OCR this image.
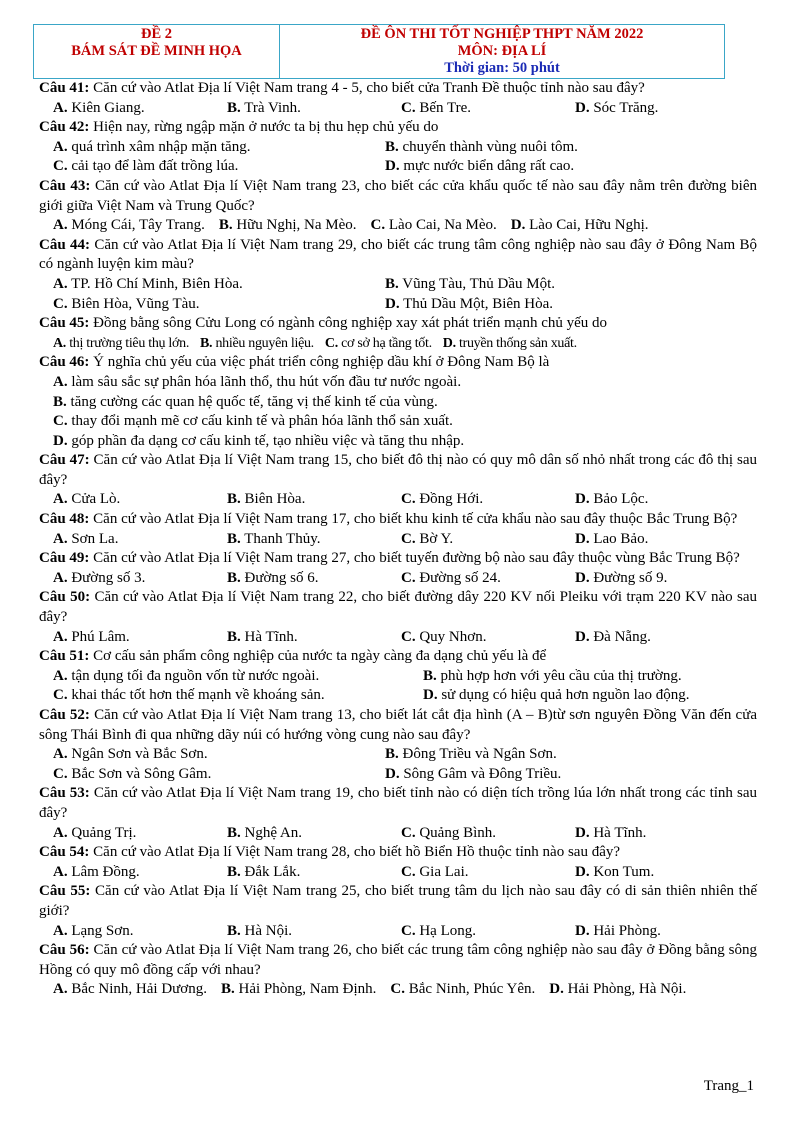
ĐỀ 2
BÁM SÁT ĐỀ MINH HỌA
ĐỀ ÔN THI TỐT NGHIỆP THPT NĂM 2022
MÔN: ĐỊA LÍ
Thời gian: 50 phút
Câu 41: Căn cứ vào Atlat Địa lí Việt Nam trang 4 - 5, cho biết cửa Tranh Đề thuộc tỉnh nào sau đây?
A. Kiên Giang.	B. Trà Vinh.	C. Bến Tre.	D. Sóc Trăng.
Câu 42: Hiện nay, rừng ngập mặn ở nước ta bị thu hẹp chủ yếu do
A. quá trình xâm nhập mặn tăng.	B. chuyển thành vùng nuôi tôm.
C. cải tạo để làm đất trồng lúa.	D. mực nước biển dâng rất cao.
Câu 43: Căn cứ vào Atlat Địa lí Việt Nam trang 23, cho biết các cửa khẩu quốc tế nào sau đây nằm trên đường biên giới giữa Việt Nam và Trung Quốc?
A. Móng Cái, Tây Trang. B. Hữu Nghị, Na Mèo. C. Lào Cai, Na Mèo. D. Lào Cai, Hữu Nghị.
Câu 44: Căn cứ vào Atlat Địa lí Việt Nam trang 29, cho biết các trung tâm công nghiệp nào sau đây ở Đông Nam Bộ có ngành luyện kim màu?
A. TP. Hồ Chí Minh, Biên Hòa.	B. Vũng Tàu, Thủ Dầu Một.
C. Biên Hòa, Vũng Tàu.	D. Thủ Dầu Một, Biên Hòa.
Câu 45: Đồng bằng sông Cửu Long có ngành công nghiệp xay xát phát triển mạnh chủ yếu do
A. thị trường tiêu thụ lớn. B. nhiều nguyên liệu. C. cơ sở hạ tầng tốt. D. truyền thống sản xuất.
Câu 46: Ý nghĩa chủ yếu của việc phát triển công nghiệp dầu khí ở Đông Nam Bộ là
A. làm sâu sắc sự phân hóa lãnh thổ, thu hút vốn đầu tư nước ngoài.
B. tăng cường các quan hệ quốc tế, tăng vị thế kinh tế của vùng.
C. thay đổi mạnh mẽ cơ cấu kinh tế và phân hóa lãnh thổ sản xuất.
D. góp phần đa dạng cơ cấu kinh tế, tạo nhiều việc và tăng thu nhập.
Câu 47: Căn cứ vào Atlat Địa lí Việt Nam trang 15, cho biết đô thị nào có quy mô dân số nhỏ nhất trong các đô thị sau đây?
A. Cửa Lò.	B. Biên Hòa.	C. Đồng Hới.	D. Bảo Lộc.
Câu 48: Căn cứ vào Atlat Địa lí Việt Nam trang 17, cho biết khu kinh tế cửa khẩu nào sau đây thuộc Bắc Trung Bộ?
A. Sơn La.	B. Thanh Thủy.	C. Bờ Y.	D. Lao Bảo.
Câu 49: Căn cứ vào Atlat Địa lí Việt Nam trang 27, cho biết tuyến đường bộ nào sau đây thuộc vùng Bắc Trung Bộ?
A. Đường số 3.	B. Đường số 6.	C. Đường số 24.	D. Đường số 9.
Câu 50: Căn cứ vào Atlat Địa lí Việt Nam trang 22, cho biết đường dây 220 KV nối Pleiku với trạm 220 KV nào sau đây?
A. Phú Lâm.	B. Hà Tĩnh.	C. Quy Nhơn.	D. Đà Nẵng.
Câu 51: Cơ cấu sản phẩm công nghiệp của nước ta ngày càng đa dạng chủ yếu là để
A. tận dụng tối đa nguồn vốn từ nước ngoài.	B. phù hợp hơn với yêu cầu của thị trường.
C. khai thác tốt hơn thế mạnh về khoáng sản.	D. sử dụng có hiệu quả hơn nguồn lao động.
Câu 52: Căn cứ vào Atlat Địa lí Việt Nam trang 13, cho biết lát cắt địa hình (A – B)từ sơn nguyên Đồng Văn đến cửa sông Thái Bình đi qua những dãy núi có hướng vòng cung nào sau đây?
A. Ngân Sơn và Bắc Sơn.	B. Đông Triều và Ngân Sơn.
C. Bắc Sơn và Sông Gâm.	D. Sông Gâm và Đông Triều.
Câu 53: Căn cứ vào Atlat Địa lí Việt Nam trang 19, cho biết tỉnh nào có diện tích trồng lúa lớn nhất trong các tỉnh sau đây?
A. Quảng Trị.	B. Nghệ An.	C. Quảng Bình.	D. Hà Tĩnh.
Câu 54: Căn cứ vào Atlat Địa lí Việt Nam trang 28, cho biết hồ Biển Hồ thuộc tỉnh nào sau đây?
A. Lâm Đồng.	B. Đắk Lắk.	C. Gia Lai.	D. Kon Tum.
Câu 55: Căn cứ vào Atlat Địa lí Việt Nam trang 25, cho biết trung tâm du lịch nào sau đây có di sản thiên nhiên thế giới?
A. Lạng Sơn.	B. Hà Nội.	C. Hạ Long.	D. Hải Phòng.
Câu 56: Căn cứ vào Atlat Địa lí Việt Nam trang 26, cho biết các trung tâm công nghiệp nào sau đây ở Đồng bằng sông Hồng có quy mô đồng cấp với nhau?
A. Bắc Ninh, Hải Dương. B. Hải Phòng, Nam Định. C. Bắc Ninh, Phúc Yên. D. Hải Phòng, Hà Nội.
Trang_1
